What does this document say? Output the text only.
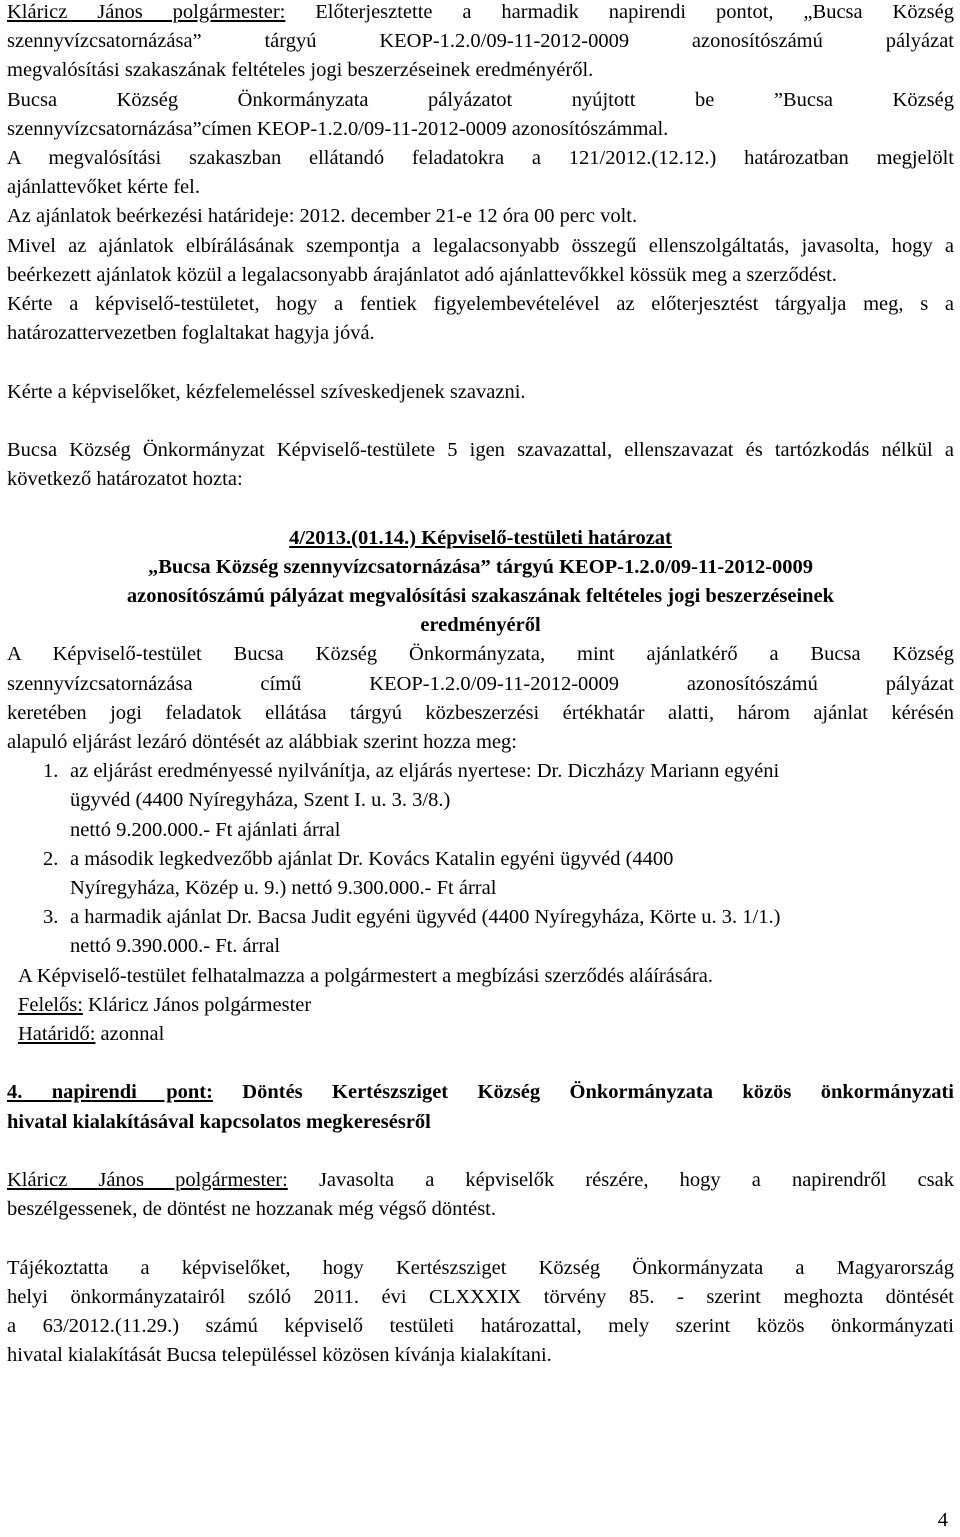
Kláricz János polgármester: Előterjesztette a harmadik napirendi pontot, „Bucsa Község

szennyvízcsatornázása” tárgyú KEOP-1.2.0/09-11-2012-0009 azonosítószámú pályázat

megvalósítási szakaszának feltételes jogi beszerzéseinek eredményéről.

Bucsa Község Önkormányzata pályázatot nyújtott be ”Bucsa Község

szennyvízcsatornázása”címen KEOP-1.2.0/09-11-2012-0009 azonosítószámmal.

A megvalósítási szakaszban ellátandó feladatokra a 121/2012.(12.12.) határozatban megjelölt

ajánlattevőket kérte fel.

Az ajánlatok beérkezési határideje: 2012. december 21-e 12 óra 00 perc volt.

Mivel az ajánlatok elbírálásának szempontja a legalacsonyabb összegű ellenszolgáltatás, javasolta, hogy a beérkezett ajánlatok közül a legalacsonyabb árajánlatot adó ajánlattevőkkel kössük meg a szerződést.

Kérte a képviselő-testületet, hogy a fentiek figyelembevételével az előterjesztést tárgyalja meg, s a határozattervezetben foglaltakat hagyja jóvá.

Kérte a képviselőket, kézfelemeléssel szíveskedjenek szavazni.

Bucsa Község Önkormányzat Képviselő-testülete 5 igen szavazattal, ellenszavazat és tartózkodás nélkül a következő határozatot hozta:

4/2013.(01.14.) Képviselő-testületi határozat

„Bucsa Község szennyvízcsatornázása” tárgyú KEOP-1.2.0/09-11-2012-0009

azonosítószámú pályázat megvalósítási szakaszának feltételes jogi beszerzéseinek

eredményéről

A Képviselő-testület Bucsa Község Önkormányzata, mint ajánlatkérő a Bucsa Község

szennyvízcsatornázása című KEOP-1.2.0/09-11-2012-0009 azonosítószámú pályázat

keretében jogi feladatok ellátása tárgyú közbeszerzési értékhatár alatti, három ajánlat kérésén

alapuló eljárást lezáró döntését az alábbiak szerint hozza meg:

1. az eljárást eredményessé nyilvánítja, az eljárás nyertese: Dr. Diczházy Mariann egyéni

ügyvéd (4400 Nyíregyháza, Szent I. u. 3. 3/8.)

nettó 9.200.000.- Ft ajánlati árral

2. a második legkedvezőbb ajánlat Dr. Kovács Katalin egyéni ügyvéd (4400

Nyíregyháza, Közép u. 9.) nettó 9.300.000.- Ft árral

3. a harmadik ajánlat Dr. Bacsa Judit egyéni ügyvéd (4400 Nyíregyháza, Körte u. 3. 1/1.)

nettó 9.390.000.- Ft. árral

A Képviselő-testület felhatalmazza a polgármestert a megbízási szerződés aláírására.

Felelős: Kláricz János polgármester

Határidő: azonnal

4. napirendi pont: Döntés Kertészsziget Község Önkormányzata közös önkormányzati

hivatal kialakításával kapcsolatos megkeresésről

Kláricz János polgármester: Javasolta a képviselők részére, hogy a napirendről csak

beszélgessenek, de döntést ne hozzanak még végső döntést.

Tájékoztatta a képviselőket, hogy Kertészsziget Község Önkormányzata a Magyarország

helyi önkormányzatairól szóló 2011. évi CLXXXIX törvény 85. - szerint meghozta döntését

a 63/2012.(11.29.) számú képviselő testületi határozattal, mely szerint közös önkormányzati

hivatal kialakítását Bucsa településsel közösen kívánja kialakítani.

4
